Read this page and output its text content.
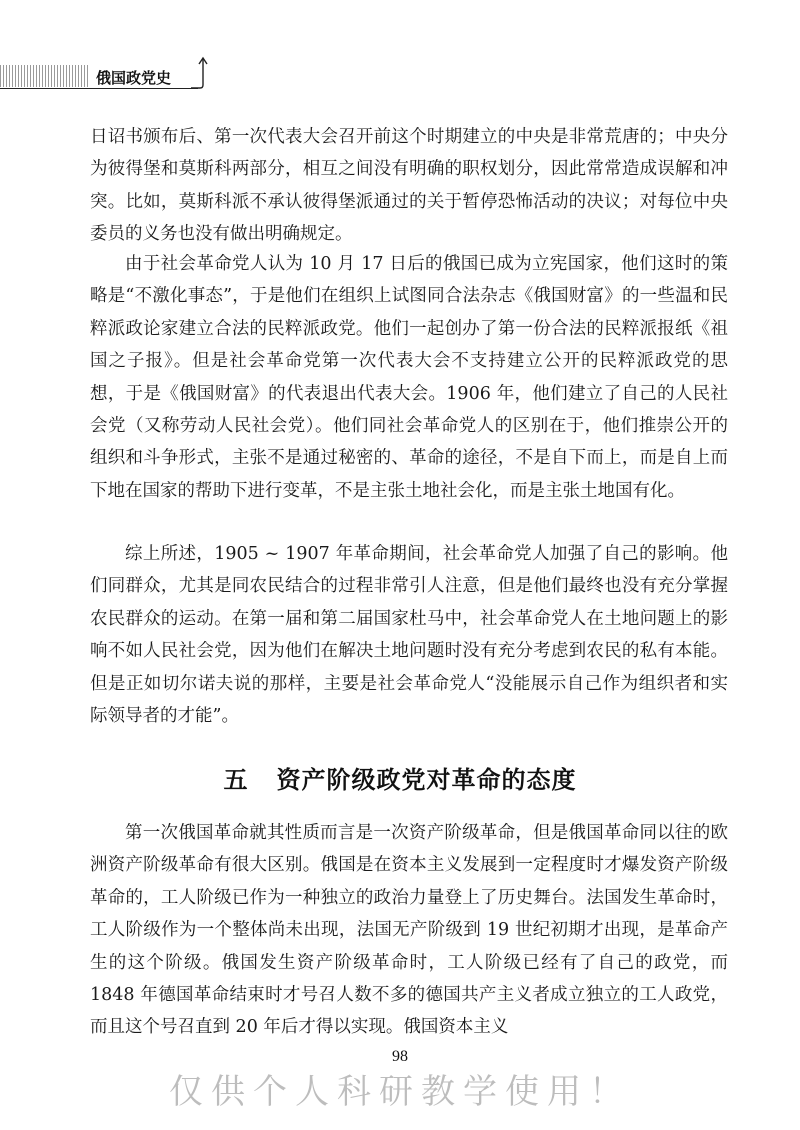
俄国政党史
日诏书颁布后、第一次代表大会召开前这个时期建立的中央是非常荒唐的；中央分为彼得堡和莫斯科两部分，相互之间没有明确的职权划分，因此常常造成误解和冲突。比如，莫斯科派不承认彼得堡派通过的关于暂停恐怖活动的决议；对每位中央委员的义务也没有做出明确规定。
由于社会革命党人认为 10 月 17 日后的俄国已成为立宪国家，他们这时的策略是“不激化事态”，于是他们在组织上试图同合法杂志《俄国财富》的一些温和民粹派政论家建立合法的民粹派政党。他们一起创办了第一份合法的民粹派报纸《祖国之子报》。但是社会革命党第一次代表大会不支持建立公开的民粹派政党的思想，于是《俄国财富》的代表退出代表大会。1906 年，他们建立了自己的人民社会党（又称劳动人民社会党）。他们同社会革命党人的区别在于，他们推崇公开的组织和斗争形式，主张不是通过秘密的、革命的途径，不是自下而上，而是自上而下地在国家的帮助下进行变革，不是主张土地社会化，而是主张土地国有化。
综上所述，1905 ~ 1907 年革命期间，社会革命党人加强了自己的影响。他们同群众，尤其是同农民结合的过程非常引人注意，但是他们最终也没有充分掌握农民群众的运动。在第一届和第二届国家杜马中，社会革命党人在土地问题上的影响不如人民社会党，因为他们在解决土地问题时没有充分考虑到农民的私有本能。但是正如切尔诺夫说的那样，主要是社会革命党人“没能展示自己作为组织者和实际领导者的才能”。
五 资产阶级政党对革命的态度
第一次俄国革命就其性质而言是一次资产阶级革命，但是俄国革命同以往的欧洲资产阶级革命有很大区别。俄国是在资本主义发展到一定程度时才爆发资产阶级革命的，工人阶级已作为一种独立的政治力量登上了历史舞台。法国发生革命时，工人阶级作为一个整体尚未出现，法国无产阶级到 19 世纪初期才出现，是革命产生的这个阶级。俄国发生资产阶级革命时，工人阶级已经有了自己的政党，而 1848 年德国革命结束时才号召人数不多的德国共产主义者成立独立的工人政党，而且这个号召直到 20 年后才得以实现。俄国资本主义
98
仅供个人科研教学使用！
